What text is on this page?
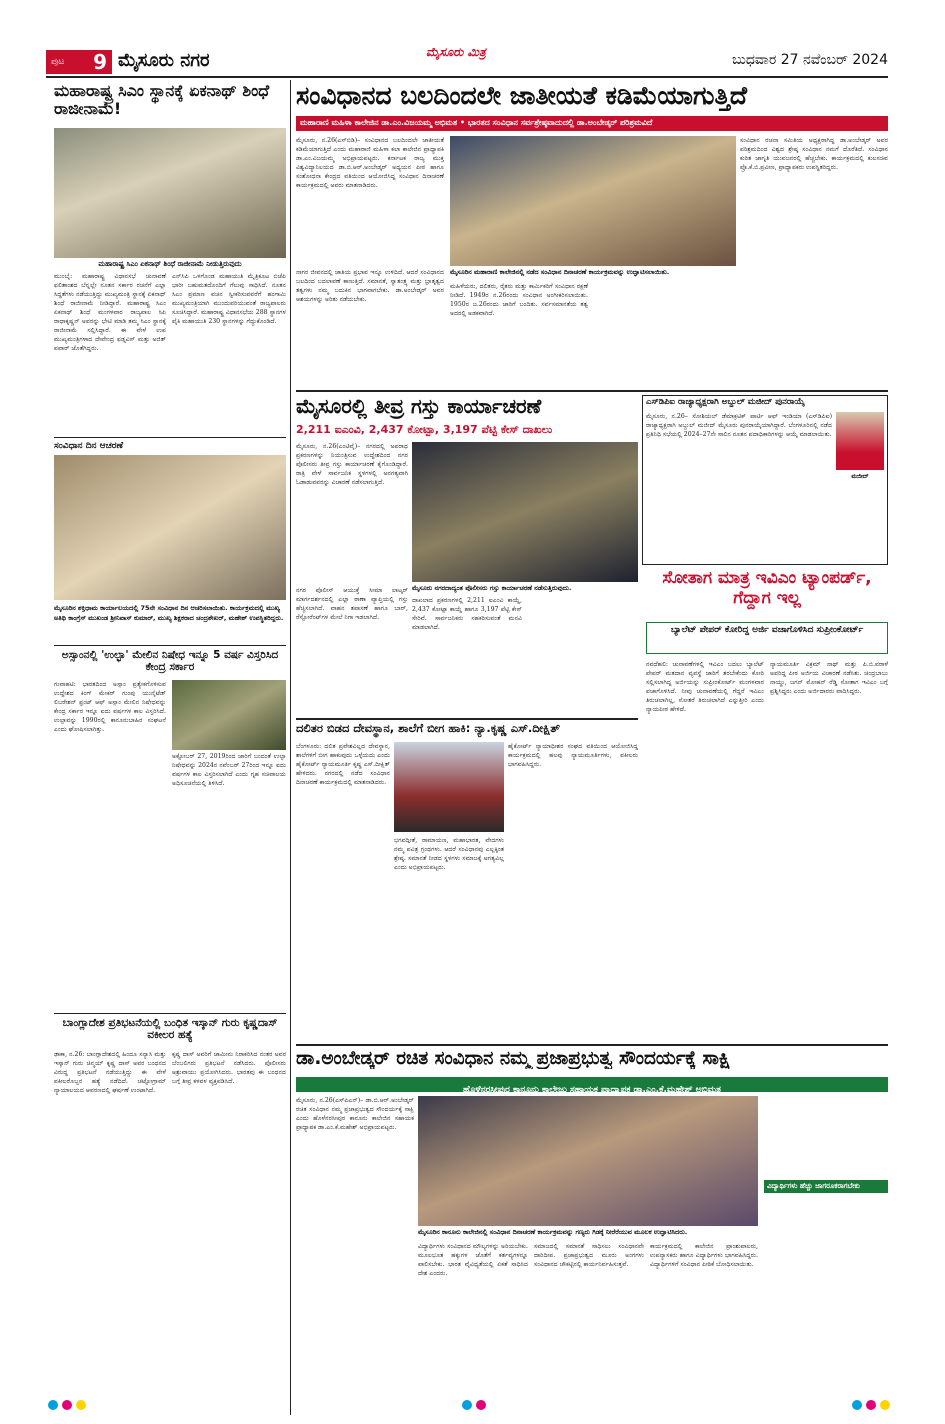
ಪುಟ 9 ಮೈಸೂರು ನಗರ	ಮೈಸೂರು ಮಿತ್ರ	ಬುಧವಾರ 27 ನವೆಂಬರ್ 2024
ಮಹಾರಾಷ್ಟ್ರ ಸಿಎಂ ಸ್ಥಾನಕ್ಕೆ ಏಕನಾಥ್ ಶಿಂಧೆ ರಾಜೀನಾಮೆ!
ಮಹಾರಾಷ್ಟ್ರ ಸಿಎಂ ಏಕನಾಥ್ ಶಿಂಧೆ ರಾಜೀನಾಮೆ ನೀಡುತ್ತಿರುವುದು
ಮುಂಬೈ: ಮಹಾರಾಷ್ಟ್ರ ವಿಧಾನಸಭೆ ಚುನಾವಣೆ ಫಲಿತಾಂಶದ ಬೆನ್ನಲ್ಲೇ ನೂತನ ಸರ್ಕಾರ ರಚನೆಗೆ ಎಲ್ಲಾ ಸಿದ್ಧತೆಗಳು ನಡೆಯುತ್ತಿದ್ದು ಮುಖ್ಯಮಂತ್ರಿ ಸ್ಥಾನಕ್ಕೆ ಏಕನಾಥ್ ಶಿಂಧೆ ರಾಜೀನಾಮೆ ನೀಡಿದ್ದಾರೆ. ಮಹಾರಾಷ್ಟ್ರ ಸಿಎಂ ಏಕನಾಥ್ ಶಿಂಧೆ ಮಂಗಳವಾರ ರಾಜ್ಯಪಾಲ ಸಿಪಿ ರಾಧಾಕೃಷ್ಣನ್ ಅವರನ್ನು ಭೇಟಿ ಮಾಡಿ ತಮ್ಮ ಸಿಎಂ ಸ್ಥಾನಕ್ಕೆ ರಾಜೀನಾಮೆ ಸಲ್ಲಿಸಿದ್ದಾರೆ. ಈ ವೇಳೆ ಉಪ ಮುಖ್ಯಮಂತ್ರಿಗಳಾದ ದೇವೇಂದ್ರ ಫಡ್ನವಿಸ್ ಮತ್ತು ಅಜಿತ್ ಪವಾರ್ ಜೊತೆಗಿದ್ದರು.
ಎನ್‌ಸಿಪಿ ಒಳಗೊಂಡ ಮಹಾಯುತಿ ಮೈತ್ರಿಕೂಟ ಬಿಜೆಪಿ ಭಾರೀ ಬಹುಮತದೊಂದಿಗೆ ಗೆಲುವು ಸಾಧಿಸಿದೆ. ನೂತನ ಸಿಎಂ ಪ್ರಮಾಣ ವಚನ ಸ್ವೀಕರಿಸುವವರೆಗೆ ಹಂಗಾಮಿ ಮುಖ್ಯಮಂತ್ರಿಯಾಗಿ ಮುಂದುವರಿಯುವಂತೆ ರಾಜ್ಯಪಾಲರು ಸೂಚಿಸಿದ್ದಾರೆ. ಮಹಾರಾಷ್ಟ್ರ ವಿಧಾನಸಭೆಯ 288 ಸ್ಥಾನಗಳ ಪೈಕಿ ಮಹಾಯುತಿ 230 ಸ್ಥಾನಗಳನ್ನು ಗೆದ್ದುಕೊಂಡಿದೆ.
ಸಂವಿಧಾನ ದಿನ ಆಚರಣೆ
ಮೈಸೂರಿನ ಶಕ್ತಿಧಾಮ ಕಾರ್ಯಾಲಯದಲ್ಲಿ 75ನೇ ಸಂವಿಧಾನ ದಿನ ಆಚರಿಸಲಾಯಿತು. ಕಾರ್ಯಕ್ರಮದಲ್ಲಿ ಮುಖ್ಯ ಅತಿಥಿ ಕಾಂಗ್ರೆಸ್ ಮುಖಂಡ ಶ್ರೀನಿವಾಸ್ ಕುಮಾರ್, ಮುಖ್ಯ ಶಿಕ್ಷಕರಾದ ಚಂದ್ರಶೇಖರ್, ಮಹೇಶ್ ಉಪಸ್ಥಿತರಿದ್ದರು.
ಅಸ್ಸಾಂನಲ್ಲಿ 'ಉಲ್ಫಾ' ಮೇಲಿನ ನಿಷೇಧ ಇನ್ನೂ 5 ವರ್ಷ ವಿಸ್ತರಿಸಿದ ಕೇಂದ್ರ ಸರ್ಕಾರ
ಗುವಾಹಟಿ: ಭಾರತದಿಂದ ಅಸ್ಸಾಂ ಪ್ರತ್ಯೇಕಗೊಳಿಸುವ ಉದ್ದೇಶದ ಕಿಂಗ್ ಮೇಕರ್ ಗುಂಪು ಯುನೈಟೆಡ್ ಲಿಬರೇಶನ್ ಫ್ರಂಟ್ ಆಫ್ ಅಸ್ಸಾಂ ಮೇಲಿನ ನಿಷೇಧವನ್ನು ಕೇಂದ್ರ ಸರ್ಕಾರ ಇನ್ನೂ ಐದು ವರ್ಷಗಳ ಕಾಲ ವಿಸ್ತರಿಸಿದೆ. ಉಲ್ಫಾವನ್ನು 1990ರಲ್ಲಿ ಕಾನೂನುಬಾಹಿರ ಸಂಘಟನೆ ಎಂದು ಘೋಷಿಸಲಾಗಿತ್ತು.
ಅಕ್ಟೋಬರ್ 27, 2019ರಿಂದ ಜಾರಿಗೆ ಬಂದಂತೆ ಉಲ್ಫಾ ನಿಷೇಧವನ್ನು 2024ರ ನವೆಂಬರ್ 27ರಿಂದ ಇನ್ನೂ ಐದು ವರ್ಷಗಳ ಕಾಲ ವಿಸ್ತರಿಸಲಾಗಿದೆ ಎಂದು ಗೃಹ ಸಚಿವಾಲಯ ಅಧಿಸೂಚನೆಯಲ್ಲಿ ತಿಳಿಸಿದೆ.
ಬಾಂಗ್ಲಾದೇಶ ಪ್ರತಿಭಟನೆಯಲ್ಲಿ ಬಂಧಿತ ಇಸ್ಕಾನ್ ಗುರು ಕೃಷ್ಣದಾಸ್ ವಕೀಲರ ಹತ್ಯೆ
ಢಾಕಾ, ನ.26: ಬಾಂಗ್ಲಾದೇಶದಲ್ಲಿ ಹಿಂದೂ ಸನ್ಯಾಸಿ ಮತ್ತು ಇಸ್ಕಾನ್ ಗುರು ಚಿನ್ಮಯ್ ಕೃಷ್ಣ ದಾಸ್ ಅವರ ಬಂಧನದ ವಿರುದ್ಧ ಪ್ರತಿಭಟನೆ ನಡೆಯುತ್ತಿದ್ದು ಈ ವೇಳೆ ವಕೀಲರೊಬ್ಬರ ಹತ್ಯೆ ನಡೆದಿದೆ. ಚಟ್ಟೋಗ್ರಾಮ್ ನ್ಯಾಯಾಲಯದ ಆವರಣದಲ್ಲಿ ಘರ್ಷಣೆ ಉಂಟಾಗಿದೆ.
ಕೃಷ್ಣ ದಾಸ್ ಅವರಿಗೆ ಜಾಮೀನು ನಿರಾಕರಿಸಿದ ನಂತರ ಅವರ ಬೆಂಬಲಿಗರು ಪ್ರತಿಭಟನೆ ನಡೆಸಿದರು. ಪೊಲೀಸರು ಅಶ್ರುವಾಯು ಪ್ರಯೋಗಿಸಿದರು. ಭಾರತವು ಈ ಬಂಧನದ ಬಗ್ಗೆ ತೀವ್ರ ಕಳವಳ ವ್ಯಕ್ತಪಡಿಸಿದೆ.
ಸಂವಿಧಾನದ ಬಲದಿಂದಲೇ ಜಾತೀಯತೆ ಕಡಿಮೆಯಾಗುತ್ತಿದೆ
ಮಹಾರಾಣಿ ಮಹಿಳಾ ಕಾಲೇಜಿನ ಡಾ.ಎಂ.ವಿಜಯಮ್ಮ ಅಭಿಮತ • ಭಾರತದ ಸಂವಿಧಾನ ಸರ್ವಶ್ರೇಷ್ಠವಾದುದಲ್ಲಿ ಡಾ.ಅಂಬೇಡ್ಕರ್ ಪರಿಶ್ರಮವಿದೆ
ಮೈಸೂರು, ನ.26(ಎಸ್‌ಬಿಡಿ)– ಸಂವಿಧಾನದ ಬಲದಿಂದಲೇ ಜಾತೀಯತೆ ಕಡಿಮೆಯಾಗುತ್ತಿದೆ ಎಂದು ಮಹಾರಾಣಿ ಮಹಿಳಾ ಕಲಾ ಕಾಲೇಜಿನ ಪ್ರಾಧ್ಯಾಪಕಿ ಡಾ.ಎಂ.ವಿಜಯಮ್ಮ ಅಭಿಪ್ರಾಯಪಟ್ಟರು. ಕರ್ನಾಟಕ ರಾಜ್ಯ ಮುಕ್ತ ವಿಶ್ವವಿದ್ಯಾನಿಲಯದ ಡಾ.ಬಿ.ಆರ್.ಅಂಬೇಡ್ಕರ್ ಅಧ್ಯಯನ ಪೀಠ ಹಾಗೂ ಸಂಶೋಧನಾ ಕೇಂದ್ರದ ವತಿಯಿಂದ ಆಯೋಜಿಸಿದ್ದ ಸಂವಿಧಾನ ದಿನಾಚರಣೆ ಕಾರ್ಯಕ್ರಮದಲ್ಲಿ ಅವರು ಮಾತನಾಡಿದರು.
ಸಂವಿಧಾನ ರಚನಾ ಸಮಿತಿಯ ಅಧ್ಯಕ್ಷರಾಗಿದ್ದ ಡಾ.ಅಂಬೇಡ್ಕರ್ ಅವರ ಪರಿಶ್ರಮದಿಂದ ವಿಶ್ವದ ಶ್ರೇಷ್ಠ ಸಂವಿಧಾನ ನಮಗೆ ದೊರೆತಿದೆ. ಸಂವಿಧಾನ ಕುರಿತ ಜಾಗೃತಿ ಯುವಜನರಲ್ಲಿ ಹೆಚ್ಚಬೇಕು. ಕಾರ್ಯಕ್ರಮದಲ್ಲಿ ಕುಲಸಚಿವ ಪ್ರೊ.ಕೆ.ಬಿ.ಪ್ರವೀಣ, ಪ್ರಾಧ್ಯಾಪಕರು ಉಪಸ್ಥಿತರಿದ್ದರು.
ಮೈಸೂರಿನ ಮಹಾರಾಣಿ ಕಾಲೇಜಿನಲ್ಲಿ ನಡೆದ ಸಂವಿಧಾನ ದಿನಾಚರಣೆ ಕಾರ್ಯಕ್ರಮವನ್ನು ಉದ್ಘಾಟಿಸಲಾಯಿತು.
ನಾಗರ ಜೀವನದಲ್ಲಿ ಜಾತಿಯ ಪ್ರಭಾವ ಇನ್ನೂ ಉಳಿದಿದೆ. ಆದರೆ ಸಂವಿಧಾನದ ಬಲದಿಂದ ಬದಲಾವಣೆ ಕಾಣುತ್ತಿದೆ. ಸಮಾನತೆ, ಸ್ವಾತಂತ್ರ್ಯ ಮತ್ತು ಭ್ರಾತೃತ್ವದ ತತ್ವಗಳು ನಮ್ಮ ಬದುಕಿನ ಭಾಗವಾಗಬೇಕು. ಡಾ.ಅಂಬೇಡ್ಕರ್ ಅವರ ಆಶಯಗಳನ್ನು ಅರಿತು ನಡೆಯಬೇಕು.
ಮಹಿಳೆಯರು, ದಲಿತರು, ರೈತರು ಮತ್ತು ಕಾರ್ಮಿಕರಿಗೆ ಸಂವಿಧಾನ ರಕ್ಷಣೆ ನೀಡಿದೆ. 1949ರ ನ.26ರಂದು ಸಂವಿಧಾನ ಅಂಗೀಕರಿಸಲಾಯಿತು. 1950ರ ಜ.26ರಂದು ಜಾರಿಗೆ ಬಂದಿತು. ಸರ್ವಸಮಾನತೆಯ ತತ್ವ ಅದರಲ್ಲಿ ಅಡಕವಾಗಿದೆ.
ಮೈಸೂರಲ್ಲಿ ತೀವ್ರ ಗಸ್ತು ಕಾರ್ಯಾಚರಣೆ
2,211 ಐಎಂವಿ, 2,437 ಕೋಟ್ಪಾ, 3,197 ಪೆಟ್ಟಿ ಕೇಸ್ ದಾಖಲು
ಮೈಸೂರು, ನ.26(ಎಂಟಿವೈ)– ನಗರದಲ್ಲಿ ಅಪರಾಧ ಪ್ರಕರಣಗಳನ್ನು ನಿಯಂತ್ರಿಸುವ ಉದ್ದೇಶದಿಂದ ನಗರ ಪೊಲೀಸರು ತೀವ್ರ ಗಸ್ತು ಕಾರ್ಯಾಚರಣೆ ಕೈಗೊಂಡಿದ್ದಾರೆ. ರಾತ್ರಿ ವೇಳೆ ಸಾರ್ವಜನಿಕ ಸ್ಥಳಗಳಲ್ಲಿ ಅನಗತ್ಯವಾಗಿ ಓಡಾಡುವವರನ್ನು ವಿಚಾರಣೆ ನಡೆಸಲಾಗುತ್ತಿದೆ.
ಮೈಸೂರು ನಗರದಾದ್ಯಂತ ಪೊಲೀಸರು ಗಸ್ತು ಕಾರ್ಯಾಚರಣೆ ನಡೆಸುತ್ತಿರುವುದು.
ನಗರ ಪೊಲೀಸ್ ಆಯುಕ್ತೆ ಸೀಮಾ ಲಾಟ್ಕರ್ ಮಾರ್ಗದರ್ಶನದಲ್ಲಿ ಎಲ್ಲಾ ಠಾಣಾ ವ್ಯಾಪ್ತಿಯಲ್ಲಿ ಗಸ್ತು ಹೆಚ್ಚಿಸಲಾಗಿದೆ. ವಾಹನ ತಪಾಸಣೆ ಹಾಗೂ ಬಾರ್, ರೆಸ್ಟೋರೆಂಟ್‌ಗಳ ಮೇಲೆ ನಿಗಾ ಇಡಲಾಗಿದೆ.
ದಾಖಲಾದ ಪ್ರಕರಣಗಳಲ್ಲಿ 2,211 ಐಎಂವಿ ಕಾಯ್ದೆ, 2,437 ಕೋಟ್ಪಾ ಕಾಯ್ದೆ ಹಾಗೂ 3,197 ಪೆಟ್ಟಿ ಕೇಸ್ ಸೇರಿವೆ. ಸಾರ್ವಜನಿಕರು ಸಹಕರಿಸುವಂತೆ ಮನವಿ ಮಾಡಲಾಗಿದೆ.
ಎಸ್‌ಡಿಪಿಐ ರಾಜ್ಯಾಧ್ಯಕ್ಷರಾಗಿ ಅಬ್ದುಲ್ ಮಜೀದ್ ಪುನರಾಯ್ಕೆ
ಮೈಸೂರು, ನ.26– ಸೋಶಿಯಲ್ ಡೆಮಾಕ್ರಟಿಕ್ ಪಾರ್ಟಿ ಆಫ್ ಇಂಡಿಯಾ (ಎಸ್‌ಡಿಪಿಐ) ರಾಜ್ಯಾಧ್ಯಕ್ಷರಾಗಿ ಅಬ್ದುಲ್ ಮಜೀದ್ ಮೈಸೂರು ಪುನರಾಯ್ಕೆಯಾಗಿದ್ದಾರೆ. ಬೆಂಗಳೂರಿನಲ್ಲಿ ನಡೆದ ಪ್ರತಿನಿಧಿ ಸಭೆಯಲ್ಲಿ 2024–27ನೇ ಸಾಲಿನ ನೂತನ ಪದಾಧಿಕಾರಿಗಳನ್ನು ಆಯ್ಕೆ ಮಾಡಲಾಯಿತು.
ಮಜೀದ್
ಸೋತಾಗ ಮಾತ್ರ ಇವಿಎಂ ಟ್ಯಾಂಪರ್ಡ್, ಗೆದ್ದಾಗ ಇಲ್ಲ
ಬ್ಯಾಲೆಟ್ ಪೇಪರ್ ಕೋರಿದ್ದ ಅರ್ಜಿ ವಜಾಗೊಳಿಸಿದ ಸುಪ್ರೀಂಕೋರ್ಟ್
ನವದೆಹಲಿ: ಚುನಾವಣೆಗಳಲ್ಲಿ ಇವಿಎಂ ಬದಲು ಬ್ಯಾಲೆಟ್ ಪೇಪರ್ ಮತದಾನ ವ್ಯವಸ್ಥೆ ಜಾರಿಗೆ ತರಬೇಕೆಂದು ಕೋರಿ ಸಲ್ಲಿಸಲಾಗಿದ್ದ ಅರ್ಜಿಯನ್ನು ಸುಪ್ರೀಂಕೋರ್ಟ್ ಮಂಗಳವಾರ ವಜಾಗೊಳಿಸಿದೆ. ನೀವು ಚುನಾವಣೆಯಲ್ಲಿ ಗೆದ್ದರೆ ಇವಿಎಂ ತಿರುಚಲಾಗಿಲ್ಲ, ಸೋತರೆ ತಿರುಚಲಾಗಿದೆ ಎನ್ನುತ್ತೀರಿ ಎಂದು ನ್ಯಾಯಪೀಠ ಹೇಳಿದೆ.
ನ್ಯಾಯಮೂರ್ತಿ ವಿಕ್ರಮ್ ನಾಥ್ ಮತ್ತು ಪಿ.ಬಿ.ವರಾಳೆ ಅವರಿದ್ದ ಪೀಠ ಅರ್ಜಿಯ ವಿಚಾರಣೆ ನಡೆಸಿತು. ಚಂದ್ರಬಾಬು ನಾಯ್ಡು, ಜಗನ್ ಮೋಹನ್ ರೆಡ್ಡಿ ಸೋತಾಗ ಇವಿಎಂ ಬಗ್ಗೆ ಪ್ರಶ್ನಿಸಿದ್ದರು ಎಂದು ಅರ್ಜಿದಾರರು ವಾದಿಸಿದ್ದರು.
ದಲಿತರ ಬಿಡದ ದೇವಸ್ಥಾನ, ಶಾಲೆಗೆ ಬೀಗ ಹಾಕಿ: ನ್ಯಾ.ಕೃಷ್ಣ ಎಸ್.ದೀಕ್ಷಿತ್
ಬೆಂಗಳೂರು: ದಲಿತ ಪ್ರವೇಶವಿಲ್ಲದ ದೇವಸ್ಥಾನ, ಶಾಲೆಗಳಿಗೆ ಬೀಗ ಹಾಕುವುದು ಒಳ್ಳೆಯದು ಎಂದು ಹೈಕೋರ್ಟ್ ನ್ಯಾಯಮೂರ್ತಿ ಕೃಷ್ಣ ಎಸ್.ದೀಕ್ಷಿತ್ ಹೇಳಿದರು. ನಗರದಲ್ಲಿ ನಡೆದ ಸಂವಿಧಾನ ದಿನಾಚರಣೆ ಕಾರ್ಯಕ್ರಮದಲ್ಲಿ ಮಾತನಾಡಿದರು.
ಭಗವದ್ಗೀತೆ, ರಾಮಾಯಣ, ಮಹಾಭಾರತ, ವೇದಗಳು ನಮ್ಮ ಪವಿತ್ರ ಗ್ರಂಥಗಳು. ಆದರೆ ಸಂವಿಧಾನವು ಎಲ್ಲಕ್ಕಿಂತ ಶ್ರೇಷ್ಠ. ಸಮಾನತೆ ನೀಡದ ಸ್ಥಳಗಳು ಸಮಾಜಕ್ಕೆ ಅಗತ್ಯವಿಲ್ಲ ಎಂದು ಅಭಿಪ್ರಾಯಪಟ್ಟರು.
ಹೈಕೋರ್ಟ್ ನ್ಯಾಯಾಧೀಶರ ಸಂಘದ ವತಿಯಿಂದ ಆಯೋಜಿಸಿದ್ದ ಕಾರ್ಯಕ್ರಮದಲ್ಲಿ ಹಲವು ನ್ಯಾಯಮೂರ್ತಿಗಳು, ವಕೀಲರು ಭಾಗವಹಿಸಿದ್ದರು.
ಡಾ.ಅಂಬೇಡ್ಕರ್ ರಚಿತ ಸಂವಿಧಾನ ನಮ್ಮ ಪ್ರಜಾಪ್ರಭುತ್ವ ಸೌಂದರ್ಯಕ್ಕೆ ಸಾಕ್ಷಿ
ಹೊಳೆನರಸೀಪುರ ಕಾನೂನು ಕಾಲೇಜು ಸಹಾಯಕ ಪ್ರಾಧ್ಯಾಪಕ ಡಾ.ಎಂ.ಕೆ.ಮಹೇಶ್ ಅಭಿಮತ
ಮೈಸೂರು, ನ.26(ಎಸ್‌ಪಿಎನ್)– ಡಾ.ಬಿ.ಆರ್.ಅಂಬೇಡ್ಕರ್ ರಚಿತ ಸಂವಿಧಾನ ನಮ್ಮ ಪ್ರಜಾಪ್ರಭುತ್ವದ ಸೌಂದರ್ಯಕ್ಕೆ ಸಾಕ್ಷಿ ಎಂದು ಹೊಳೆನರಸೀಪುರ ಕಾನೂನು ಕಾಲೇಜಿನ ಸಹಾಯಕ ಪ್ರಾಧ್ಯಾಪಕ ಡಾ.ಎಂ.ಕೆ.ಮಹೇಶ್ ಅಭಿಪ್ರಾಯಪಟ್ಟರು.
ಮೈಸೂರಿನ ಕಾನೂನು ಕಾಲೇಜಿನಲ್ಲಿ ಸಂವಿಧಾನ ದಿನಾಚರಣೆ ಕಾರ್ಯಕ್ರಮವನ್ನು ಗಣ್ಯರು ಗಿಡಕ್ಕೆ ನೀರೆರೆಯುವ ಮೂಲಕ ಉದ್ಘಾಟಿಸಿದರು.
ವಿದ್ಯಾರ್ಥಿಗಳು ಸಂವಿಧಾನದ ಮೌಲ್ಯಗಳನ್ನು ಅರಿಯಬೇಕು. ಮೂಲಭೂತ ಹಕ್ಕುಗಳ ಜೊತೆಗೆ ಕರ್ತವ್ಯಗಳನ್ನೂ ಪಾಲಿಸಬೇಕು. ಭಾರತ ವೈವಿಧ್ಯತೆಯಲ್ಲಿ ಏಕತೆ ಸಾಧಿಸಿದ ದೇಶ ಎಂದರು.
ಸಮಾಜದಲ್ಲಿ ಸಮಾನತೆ ಸಾಧಿಸಲು ಸಂವಿಧಾನವೇ ದಾರಿದೀಪ. ಪ್ರಜಾಪ್ರಭುತ್ವದ ಮೂರು ಅಂಗಗಳು ಸಂವಿಧಾನದ ಚೌಕಟ್ಟಿನಲ್ಲಿ ಕಾರ್ಯನಿರ್ವಹಿಸುತ್ತವೆ.
ಕಾರ್ಯಕ್ರಮದಲ್ಲಿ ಕಾಲೇಜಿನ ಪ್ರಾಂಶುಪಾಲರು, ಉಪನ್ಯಾಸಕರು ಹಾಗೂ ವಿದ್ಯಾರ್ಥಿಗಳು ಭಾಗವಹಿಸಿದ್ದರು. ವಿದ್ಯಾರ್ಥಿಗಳಿಗೆ ಸಂವಿಧಾನ ಪೀಠಿಕೆ ಬೋಧಿಸಲಾಯಿತು.
ವಿದ್ಯಾರ್ಥಿಗಳು ಹೆಚ್ಚು ಜಾಗರೂಕರಾಗಬೇಕು
